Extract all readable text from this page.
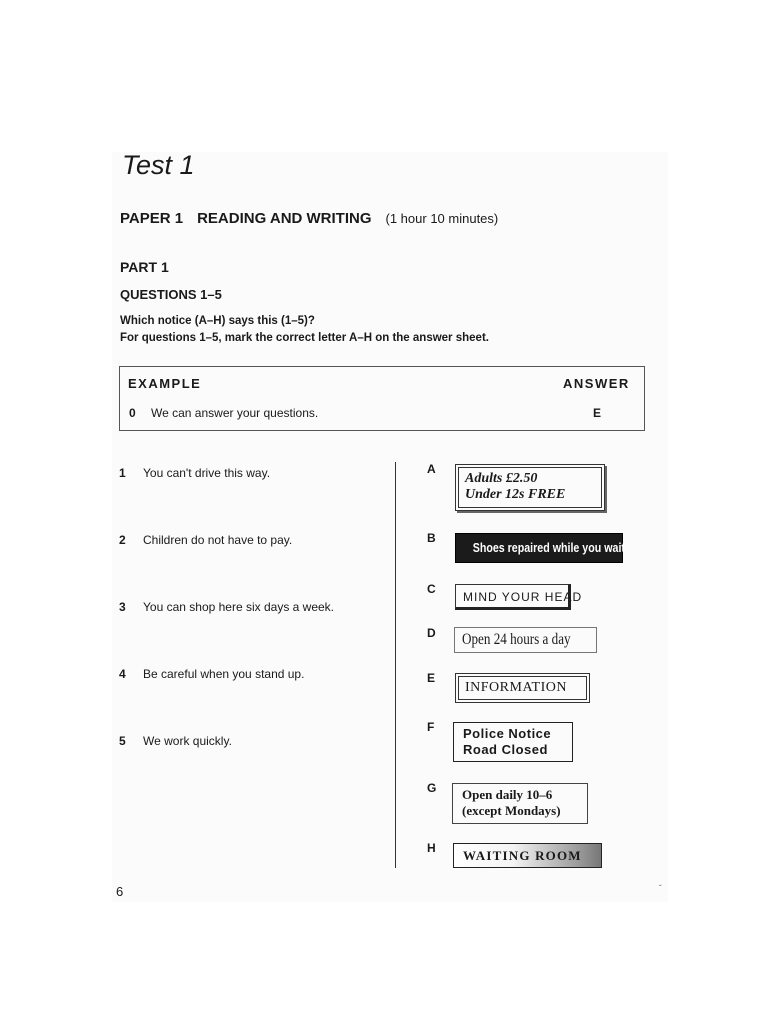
Test 1
PAPER 1 READING AND WRITING (1 hour 10 minutes)
PART 1
QUESTIONS 1–5
Which notice (A–H) says this (1–5)?
For questions 1–5, mark the correct letter A–H on the answer sheet.
EXAMPLE	ANSWER
0 We can answer your questions.	E
1 You can't drive this way.
2 Children do not have to pay.
3 You can shop here six days a week.
4 Be careful when you stand up.
5 We work quickly.
A
B
C
D
E
F
G
H
Adults £2.50
Under 12s FREE
Shoes repaired while you wait
MIND YOUR HEAD
Open 24 hours a day
INFORMATION
Police Notice
Road Closed
Open daily 10–6
(except Mondays)
WAITING ROOM
6	ˇ
